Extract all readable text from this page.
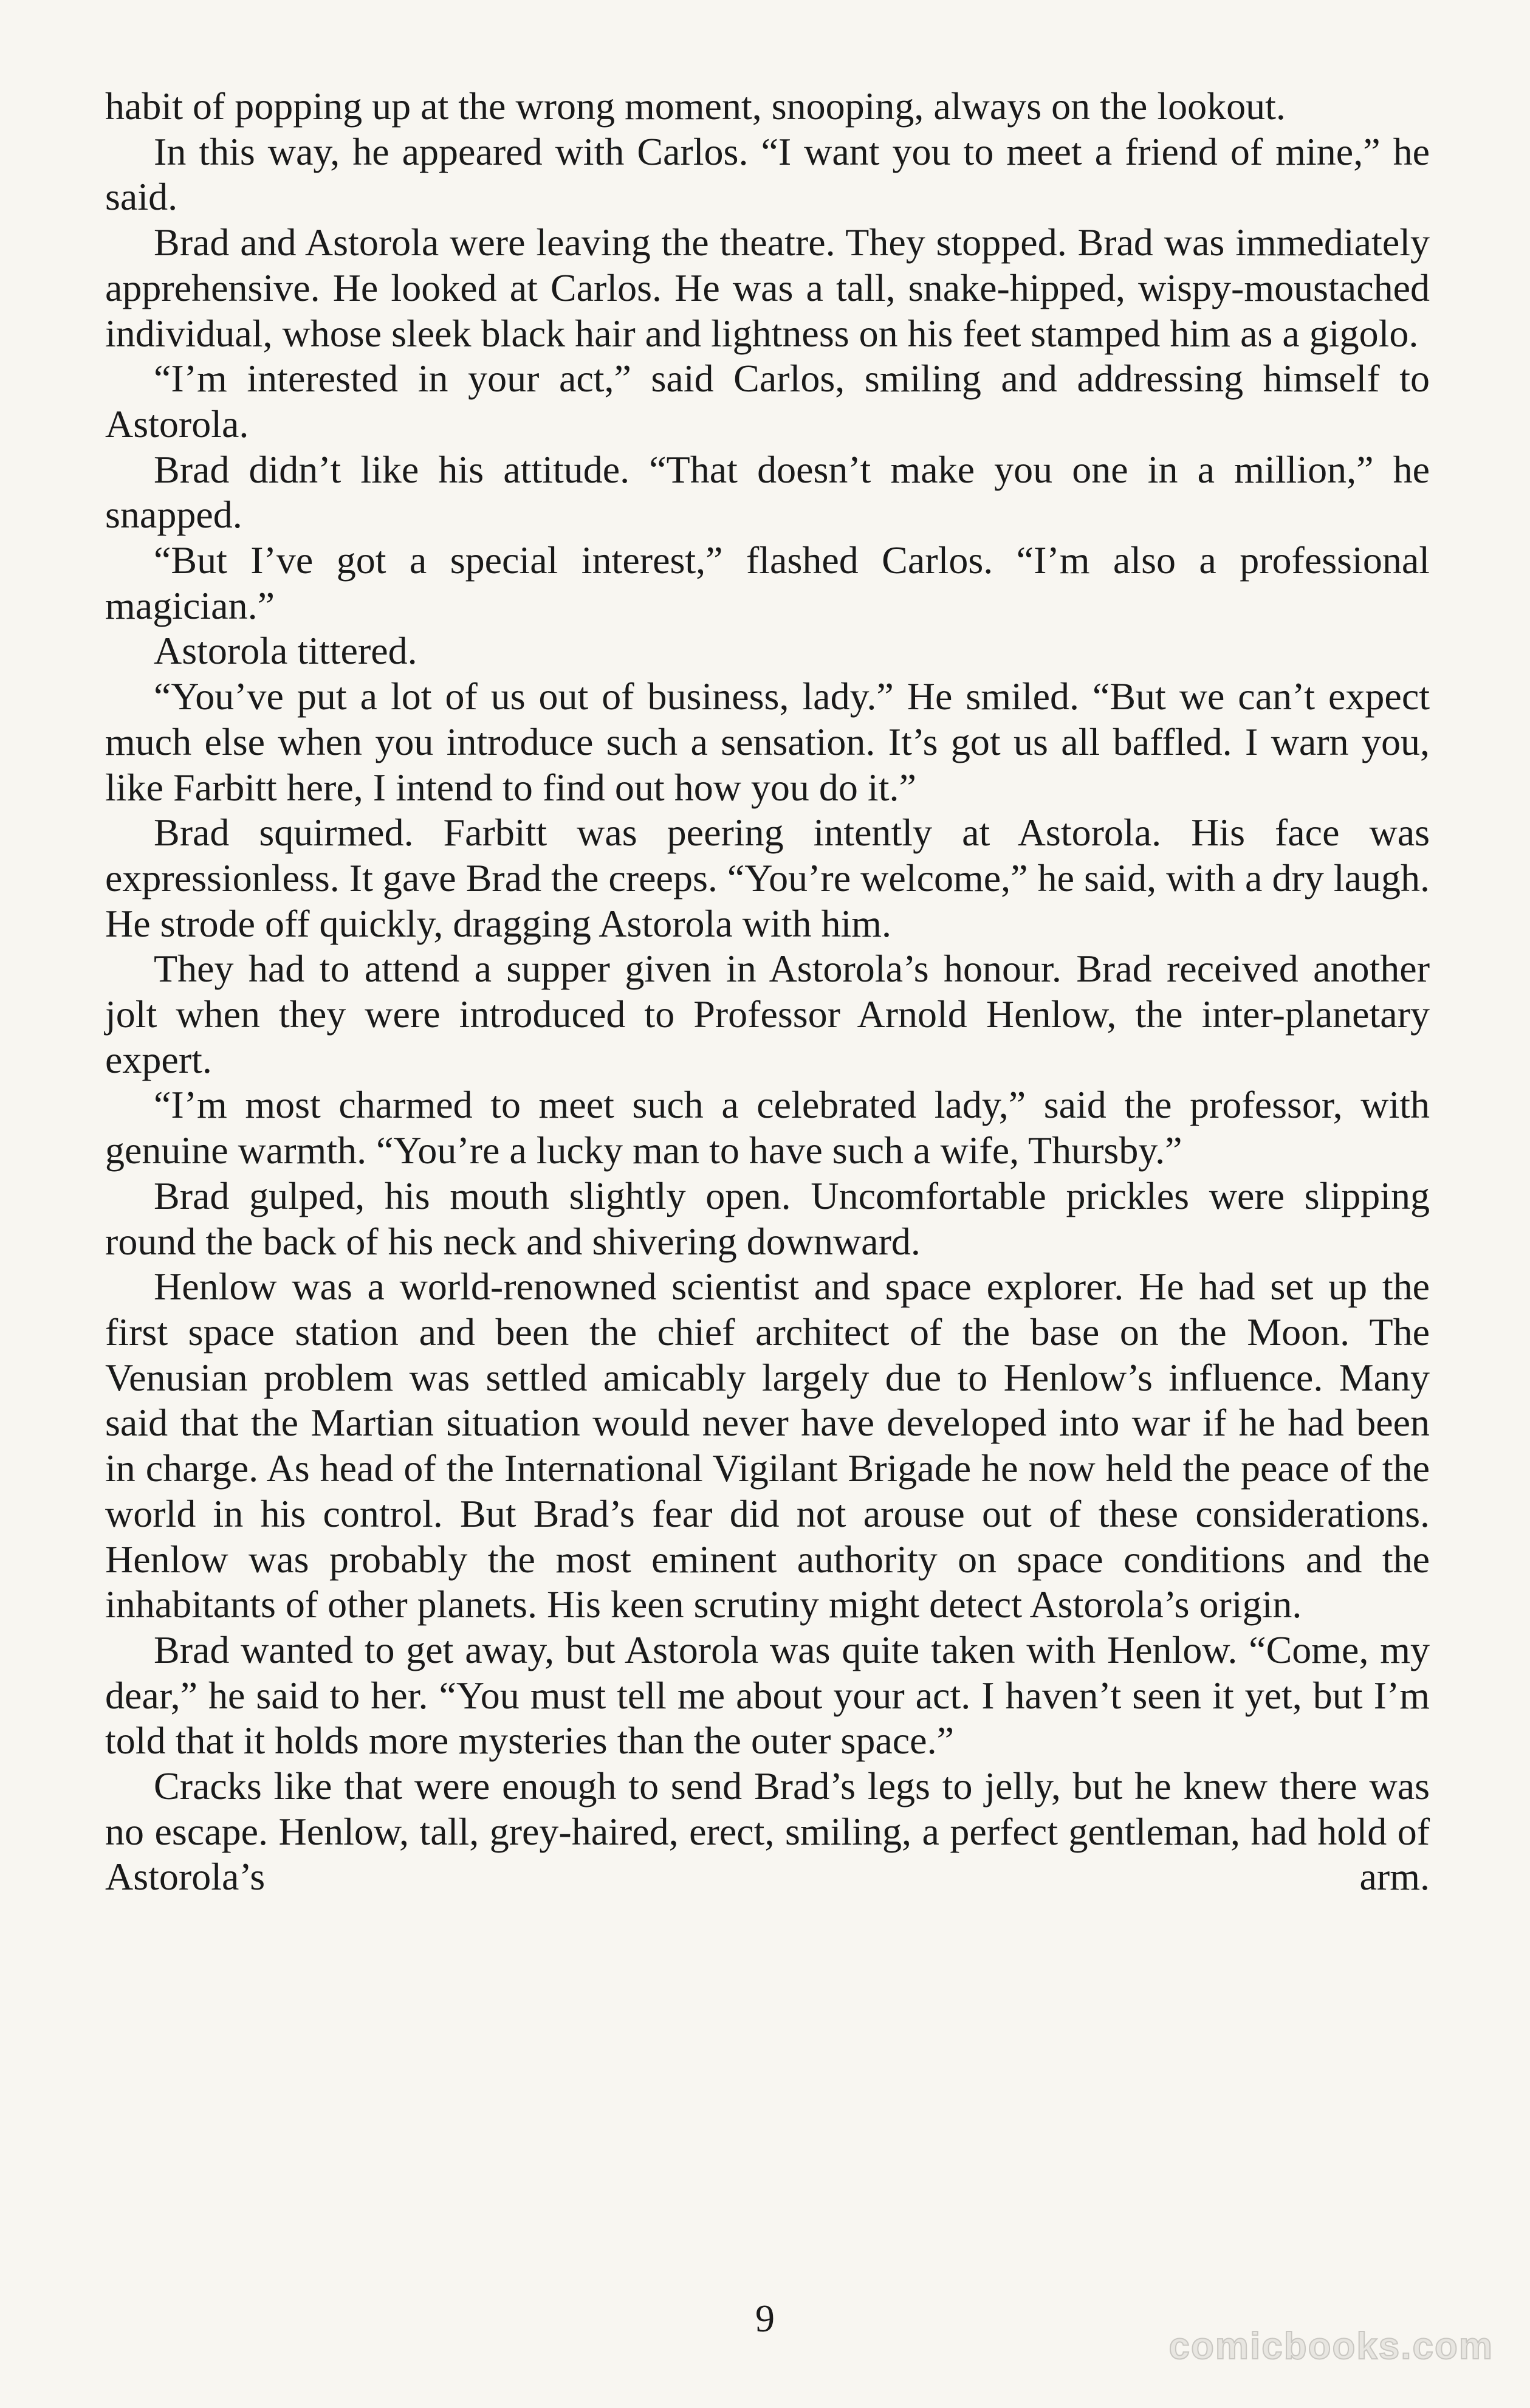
habit of popping up at the wrong moment, snooping, always on the lookout.

In this way, he appeared with Carlos. “I want you to meet a friend of mine,” he said.

Brad and Astorola were leaving the theatre. They stopped. Brad was immediately apprehensive. He looked at Carlos. He was a tall, snake-hipped, wispy-moustached individual, whose sleek black hair and lightness on his feet stamped him as a gigolo.

“I’m interested in your act,” said Carlos, smiling and addressing himself to Astorola.

Brad didn’t like his attitude. “That doesn’t make you one in a million,” he snapped.

“But I’ve got a special interest,” flashed Carlos. “I’m also a professional magician.”

Astorola tittered.

“You’ve put a lot of us out of business, lady.” He smiled. “But we can’t expect much else when you introduce such a sensation. It’s got us all baffled. I warn you, like Farbitt here, I intend to find out how you do it.”

Brad squirmed. Farbitt was peering intently at Astorola. His face was expressionless. It gave Brad the creeps. “You’re welcome,” he said, with a dry laugh. He strode off quickly, dragging Astorola with him.

They had to attend a supper given in Astorola’s honour. Brad received another jolt when they were introduced to Professor Arnold Henlow, the inter-planetary expert.

“I’m most charmed to meet such a celebrated lady,” said the professor, with genuine warmth. “You’re a lucky man to have such a wife, Thursby.”

Brad gulped, his mouth slightly open. Uncomfortable prickles were slipping round the back of his neck and shivering downward.

Henlow was a world-renowned scientist and space explorer. He had set up the first space station and been the chief architect of the base on the Moon. The Venusian problem was settled amicably largely due to Henlow’s influence. Many said that the Martian situation would never have developed into war if he had been in charge. As head of the International Vigilant Brigade he now held the peace of the world in his control. But Brad’s fear did not arouse out of these considerations. Henlow was probably the most eminent authority on space conditions and the inhabitants of other planets. His keen scrutiny might detect Astorola’s origin.

Brad wanted to get away, but Astorola was quite taken with Henlow. “Come, my dear,” he said to her. “You must tell me about your act. I haven’t seen it yet, but I’m told that it holds more mysteries than the outer space.”

Cracks like that were enough to send Brad’s legs to jelly, but he knew there was no escape. Henlow, tall, grey-haired, erect, smiling, a perfect gentleman, had hold of Astorola’s arm.

9
comicbooks.com
